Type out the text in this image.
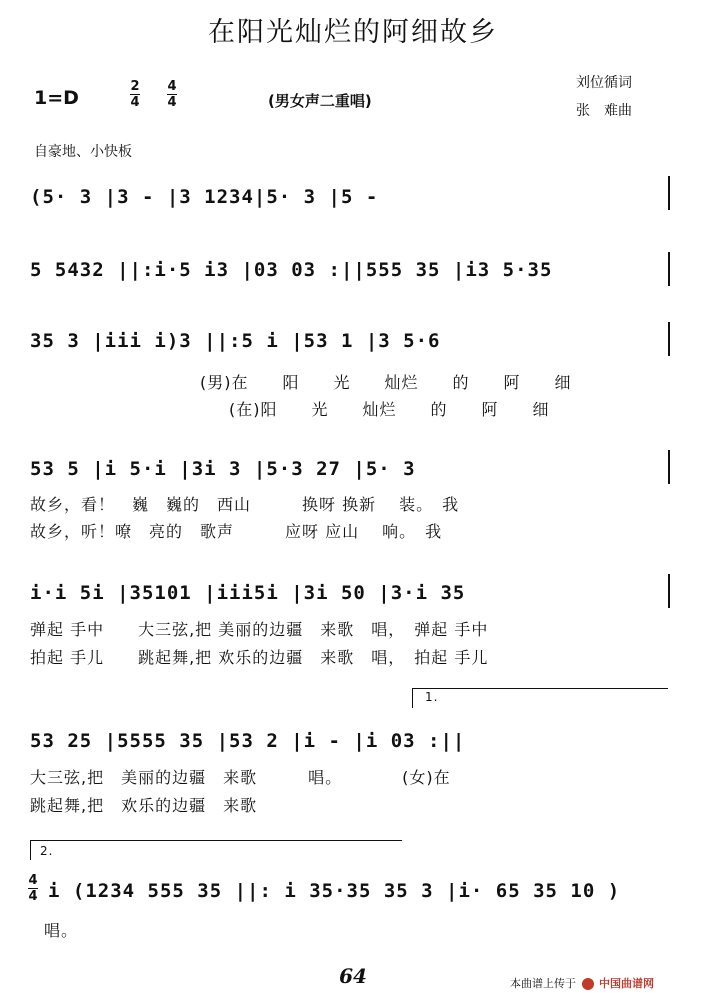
在阳光灿烂的阿细故乡
1=D
2
4
4
4	(男女声二重唱)
刘位循词
张　难曲
自豪地、小快板
(5· 3 |3 - |3 1234|5· 3 |5 -
5 5432 ||:i·5 i3 |03 03 :||555 35 |i3 5·35
35 3 |iii i)3 ||:5 i |53 1 |3 5·6
(男)在　　阳　　光　　灿烂　　的　　阿　　细
(在)阳　　光　　灿烂　　的　　阿　　细
53 5 |i 5·i |3i 3 |5·3 27 |5· 3
故乡，看！　巍　巍的　西山　　　换呀 换新　 装。　我
故乡，听！嘹　亮的　歌声　　　应呀 应山　 响。　我
i·i 5i |35101 |iii5i |3i 50 |3·i 35
弹起 手中　　大三弦,把 美丽的边疆　来歌　唱，　弹起 手中
拍起 手儿　　跳起舞,把 欢乐的边疆　来歌　唱，　拍起 手儿
1.
53 25 |5555 35 |53 2 |i - |i 03 :||
大三弦,把　美丽的边疆　来歌　　　唱。　　　　(女)在
跳起舞,把　欢乐的边疆　来歌
2.
4
4 i (1234 555 35 ||: i 35·35 35 3 |i· 65 35 10 )
唱。
64	本曲谱上传于 中国曲谱网
